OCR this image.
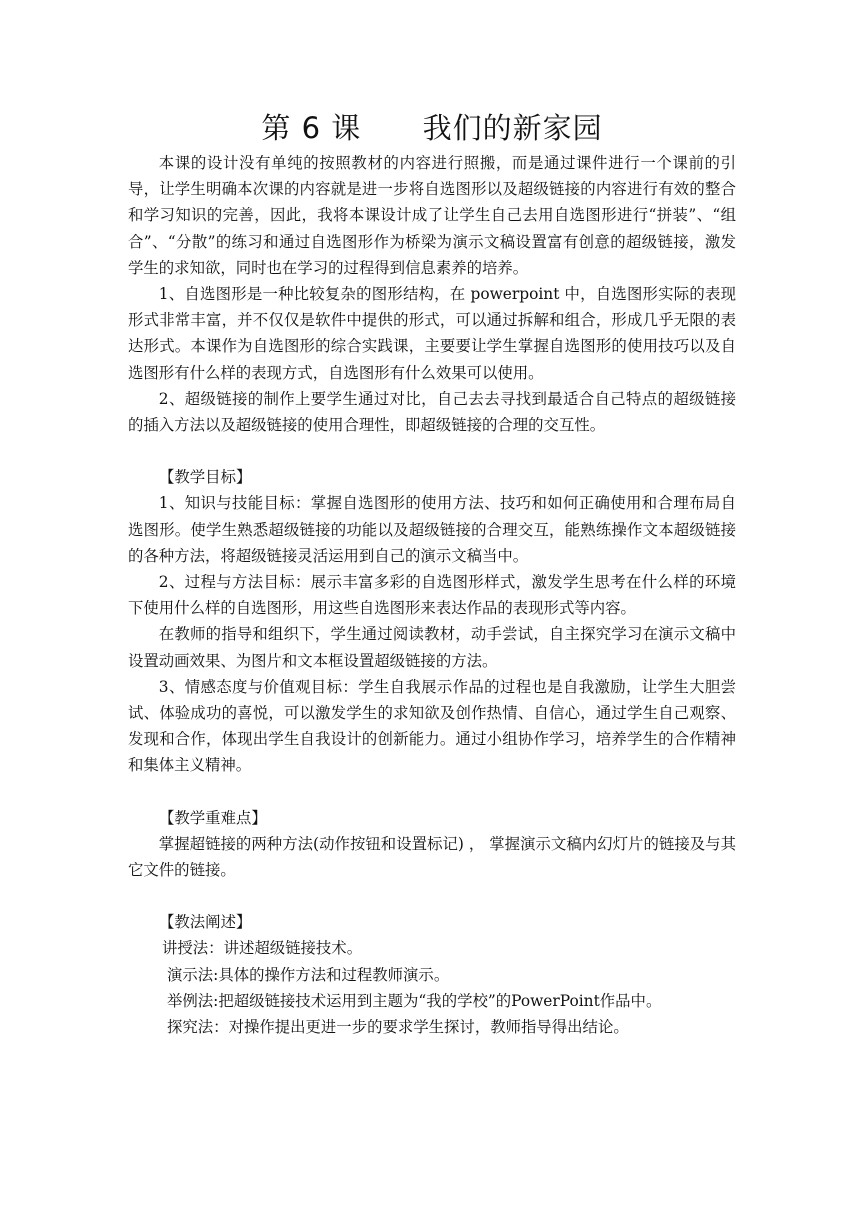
第 6 课      我们的新家园

本课的设计没有单纯的按照教材的内容进行照搬，而是通过课件进行一个课前的引导，让学生明确本次课的内容就是进一步将自选图形以及超级链接的内容进行有效的整合和学习知识的完善，因此，我将本课设计成了让学生自己去用自选图形进行“拼装”、“组合”、“分散”的练习和通过自选图形作为桥梁为演示文稿设置富有创意的超级链接，激发学生的求知欲，同时也在学习的过程得到信息素养的培养。

1、自选图形是一种比较复杂的图形结构，在 powerpoint 中，自选图形实际的表现形式非常丰富，并不仅仅是软件中提供的形式，可以通过拆解和组合，形成几乎无限的表达形式。本课作为自选图形的综合实践课，主要要让学生掌握自选图形的使用技巧以及自选图形有什么样的表现方式，自选图形有什么效果可以使用。

2、超级链接的制作上要学生通过对比，自己去去寻找到最适合自己特点的超级链接的插入方法以及超级链接的使用合理性，即超级链接的合理的交互性。

【教学目标】

1、知识与技能目标：掌握自选图形的使用方法、技巧和如何正确使用和合理布局自选图形。使学生熟悉超级链接的功能以及超级链接的合理交互，能熟练操作文本超级链接的各种方法，将超级链接灵活运用到自己的演示文稿当中。

2、过程与方法目标：展示丰富多彩的自选图形样式，激发学生思考在什么样的环境下使用什么样的自选图形，用这些自选图形来表达作品的表现形式等内容。

在教师的指导和组织下，学生通过阅读教材，动手尝试，自主探究学习在演示文稿中设置动画效果、为图片和文本框设置超级链接的方法。

3、情感态度与价值观目标：学生自我展示作品的过程也是自我激励，让学生大胆尝试、体验成功的喜悦，可以激发学生的求知欲及创作热情、自信心，通过学生自己观察、发现和合作，体现出学生自我设计的创新能力。通过小组协作学习，培养学生的合作精神和集体主义精神。

【教学重难点】

掌握超链接的两种方法(动作按钮和设置标记) ， 掌握演示文稿内幻灯片的链接及与其它文件的链接。

【教法阐述】

讲授法：讲述超级链接技术。

演示法:具体的操作方法和过程教师演示。

举例法:把超级链接技术运用到主题为“我的学校”的PowerPoint作品中。

探究法：对操作提出更进一步的要求学生探讨，教师指导得出结论。
